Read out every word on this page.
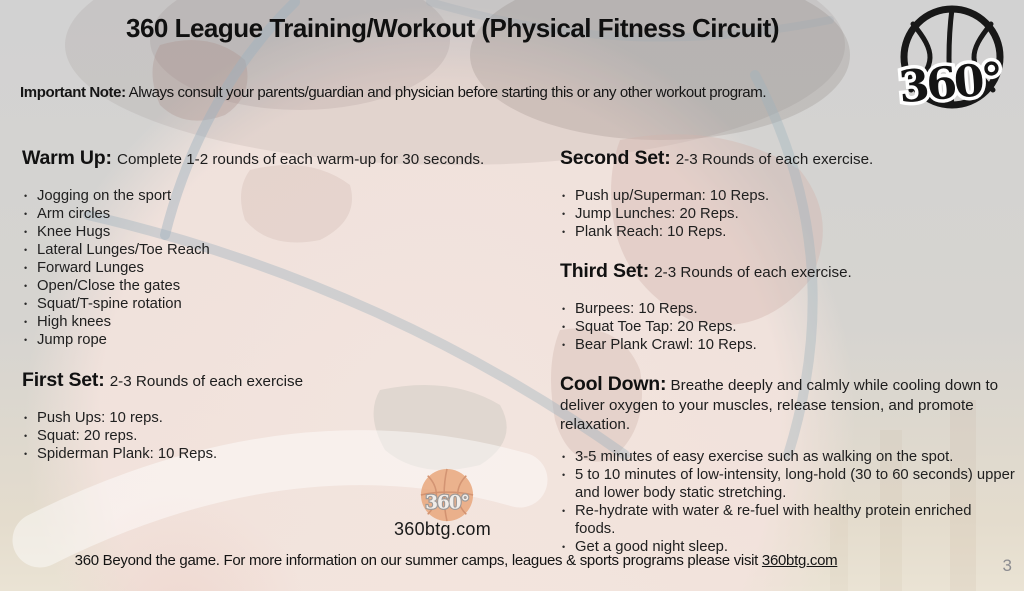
360 League Training/Workout (Physical Fitness Circuit)
Important Note: Always consult your parents/guardian and physician before starting this or any other workout program.	360°

Warm Up: Complete 1-2 rounds of each warm-up for 30 seconds.

• Jogging on the sport
• Arm circles
• Knee Hugs
• Lateral Lunges/Toe Reach
• Forward Lunges
• Open/Close the gates
• Squat/T-spine rotation
• High knees
• Jump rope

First Set: 2-3 Rounds of each exercise

• Push Ups: 10 reps.
• Squat: 20 reps.
• Spiderman Plank: 10 Reps.

Second Set: 2-3 Rounds of each exercise.

• Push up/Superman: 10 Reps.
• Jump Lunches: 20 Reps.
• Plank Reach: 10 Reps.

Third Set: 2-3 Rounds of each exercise.

• Burpees: 10 Reps.
• Squat Toe Tap: 20 Reps.
• Bear Plank Crawl: 10 Reps.

Cool Down: Breathe deeply and calmly while cooling down to deliver oxygen to your muscles, release tension, and promote relaxation.

• 3-5 minutes of easy exercise such as walking on the spot.
• 5 to 10 minutes of low-intensity, long-hold (30 to 60 seconds) upper and lower body static stretching.
• Re-hydrate with water & re-fuel with healthy protein enriched foods.
• Get a good night sleep.
360°
360btg.com
360 Beyond the game. For more information on our summer camps, leagues & sports programs please visit 360btg.com	3
